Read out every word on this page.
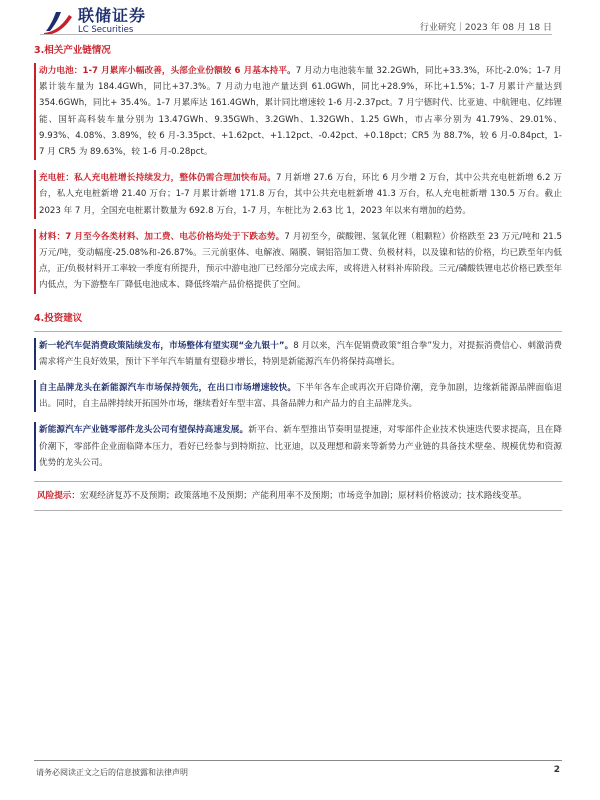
联储证券
LC Securities	行业研究｜2023 年 08 月 18 日
3.相关产业链情况

动力电池：1-7 月累库小幅改善，头部企业份额较 6 月基本持平。7 月动力电池装车量 32.2GWh，同比+33.3%，环比-2.0%；1-7 月累计装车量为 184.4GWh，同比+37.3%。7 月动力电池产量达到 61.0GWh，同比+28.9%，环比+1.5%；1-7 月累计产量达到 354.6GWh，同比+ 35.4%。1-7 月累库达 161.4GWh，累计同比增速较 1-6 月-2.37pct。7 月宁德时代、比亚迪、中航锂电、亿纬锂能、国轩高科装车量分别为 13.47GWh、9.35GWh、3.2GWh、1.32GWh、1.25 GWh，市占率分别为 41.79%、29.01%、9.93%、4.08%、3.89%，较 6 月-3.35pct、+1.62pct、+1.12pct、-0.42pct、+0.18pct；CR5 为 88.7%，较 6 月-0.84pct，1-7 月 CR5 为 89.63%，较 1-6 月-0.28pct。

充电桩：私人充电桩增长持续发力，整体仍需合理加快布局。7 月新增 27.6 万台，环比 6 月少增 2 万台，其中公共充电桩新增 6.2 万台，私人充电桩新增 21.40 万台；1-7 月累计新增 171.8 万台，其中公共充电桩新增 41.3 万台，私人充电桩新增 130.5 万台。截止 2023 年 7 月，全国充电桩累计数量为 692.8 万台，1-7 月，车桩比为 2.63 比 1，2023 年以来有增加的趋势。

材料：7 月至今各类材料、加工费、电芯价格均处于下跌态势。7 月初至今，碳酸锂、氢氧化锂（粗颗粒）价格跌至 23 万元/吨和 21.5 万元/吨，变动幅度-25.08%和-26.87%。三元前驱体、电解液、隔膜、铜铝箔加工费、负极材料，以及镍和钴的价格，均已跌至年内低点，正/负极材料开工率较一季度有所提升，预示中游电池厂已经部分完成去库，或将进入材料补库阶段。三元/磷酸铁锂电芯价格已跌至年内低点，为下游整车厂降低电池成本、降低终端产品价格提供了空间。

4.投资建议

新一轮汽车促消费政策陆续发布，市场整体有望实现“金九银十”。8 月以来，汽车促销费政策“组合拳”发力，对提振消费信心、刺激消费需求将产生良好效果，预计下半年汽车销量有望稳步增长，特别是新能源汽车仍将保持高增长。

自主品牌龙头在新能源汽车市场保持领先，在出口市场增速较快。下半年各车企或再次开启降价潮，竞争加剧，边缘新能源品牌面临退出。同时，自主品牌持续开拓国外市场，继续看好车型丰富、具备品牌力和产品力的自主品牌龙头。

新能源汽车产业链零部件龙头公司有望保持高速发展。新平台、新车型推出节奏明显提速，对零部件企业技术快速迭代要求提高，且在降价潮下，零部件企业面临降本压力，看好已经参与到特斯拉、比亚迪，以及理想和蔚来等新势力产业链的具备技术壁垒、规模优势和资源优势的龙头公司。

风险提示：宏观经济复苏不及预期；政策落地不及预期；产能利用率不及预期；市场竞争加剧；原材料价格波动；技术路线变革。

请务必阅读正文之后的信息披露和法律声明	2
